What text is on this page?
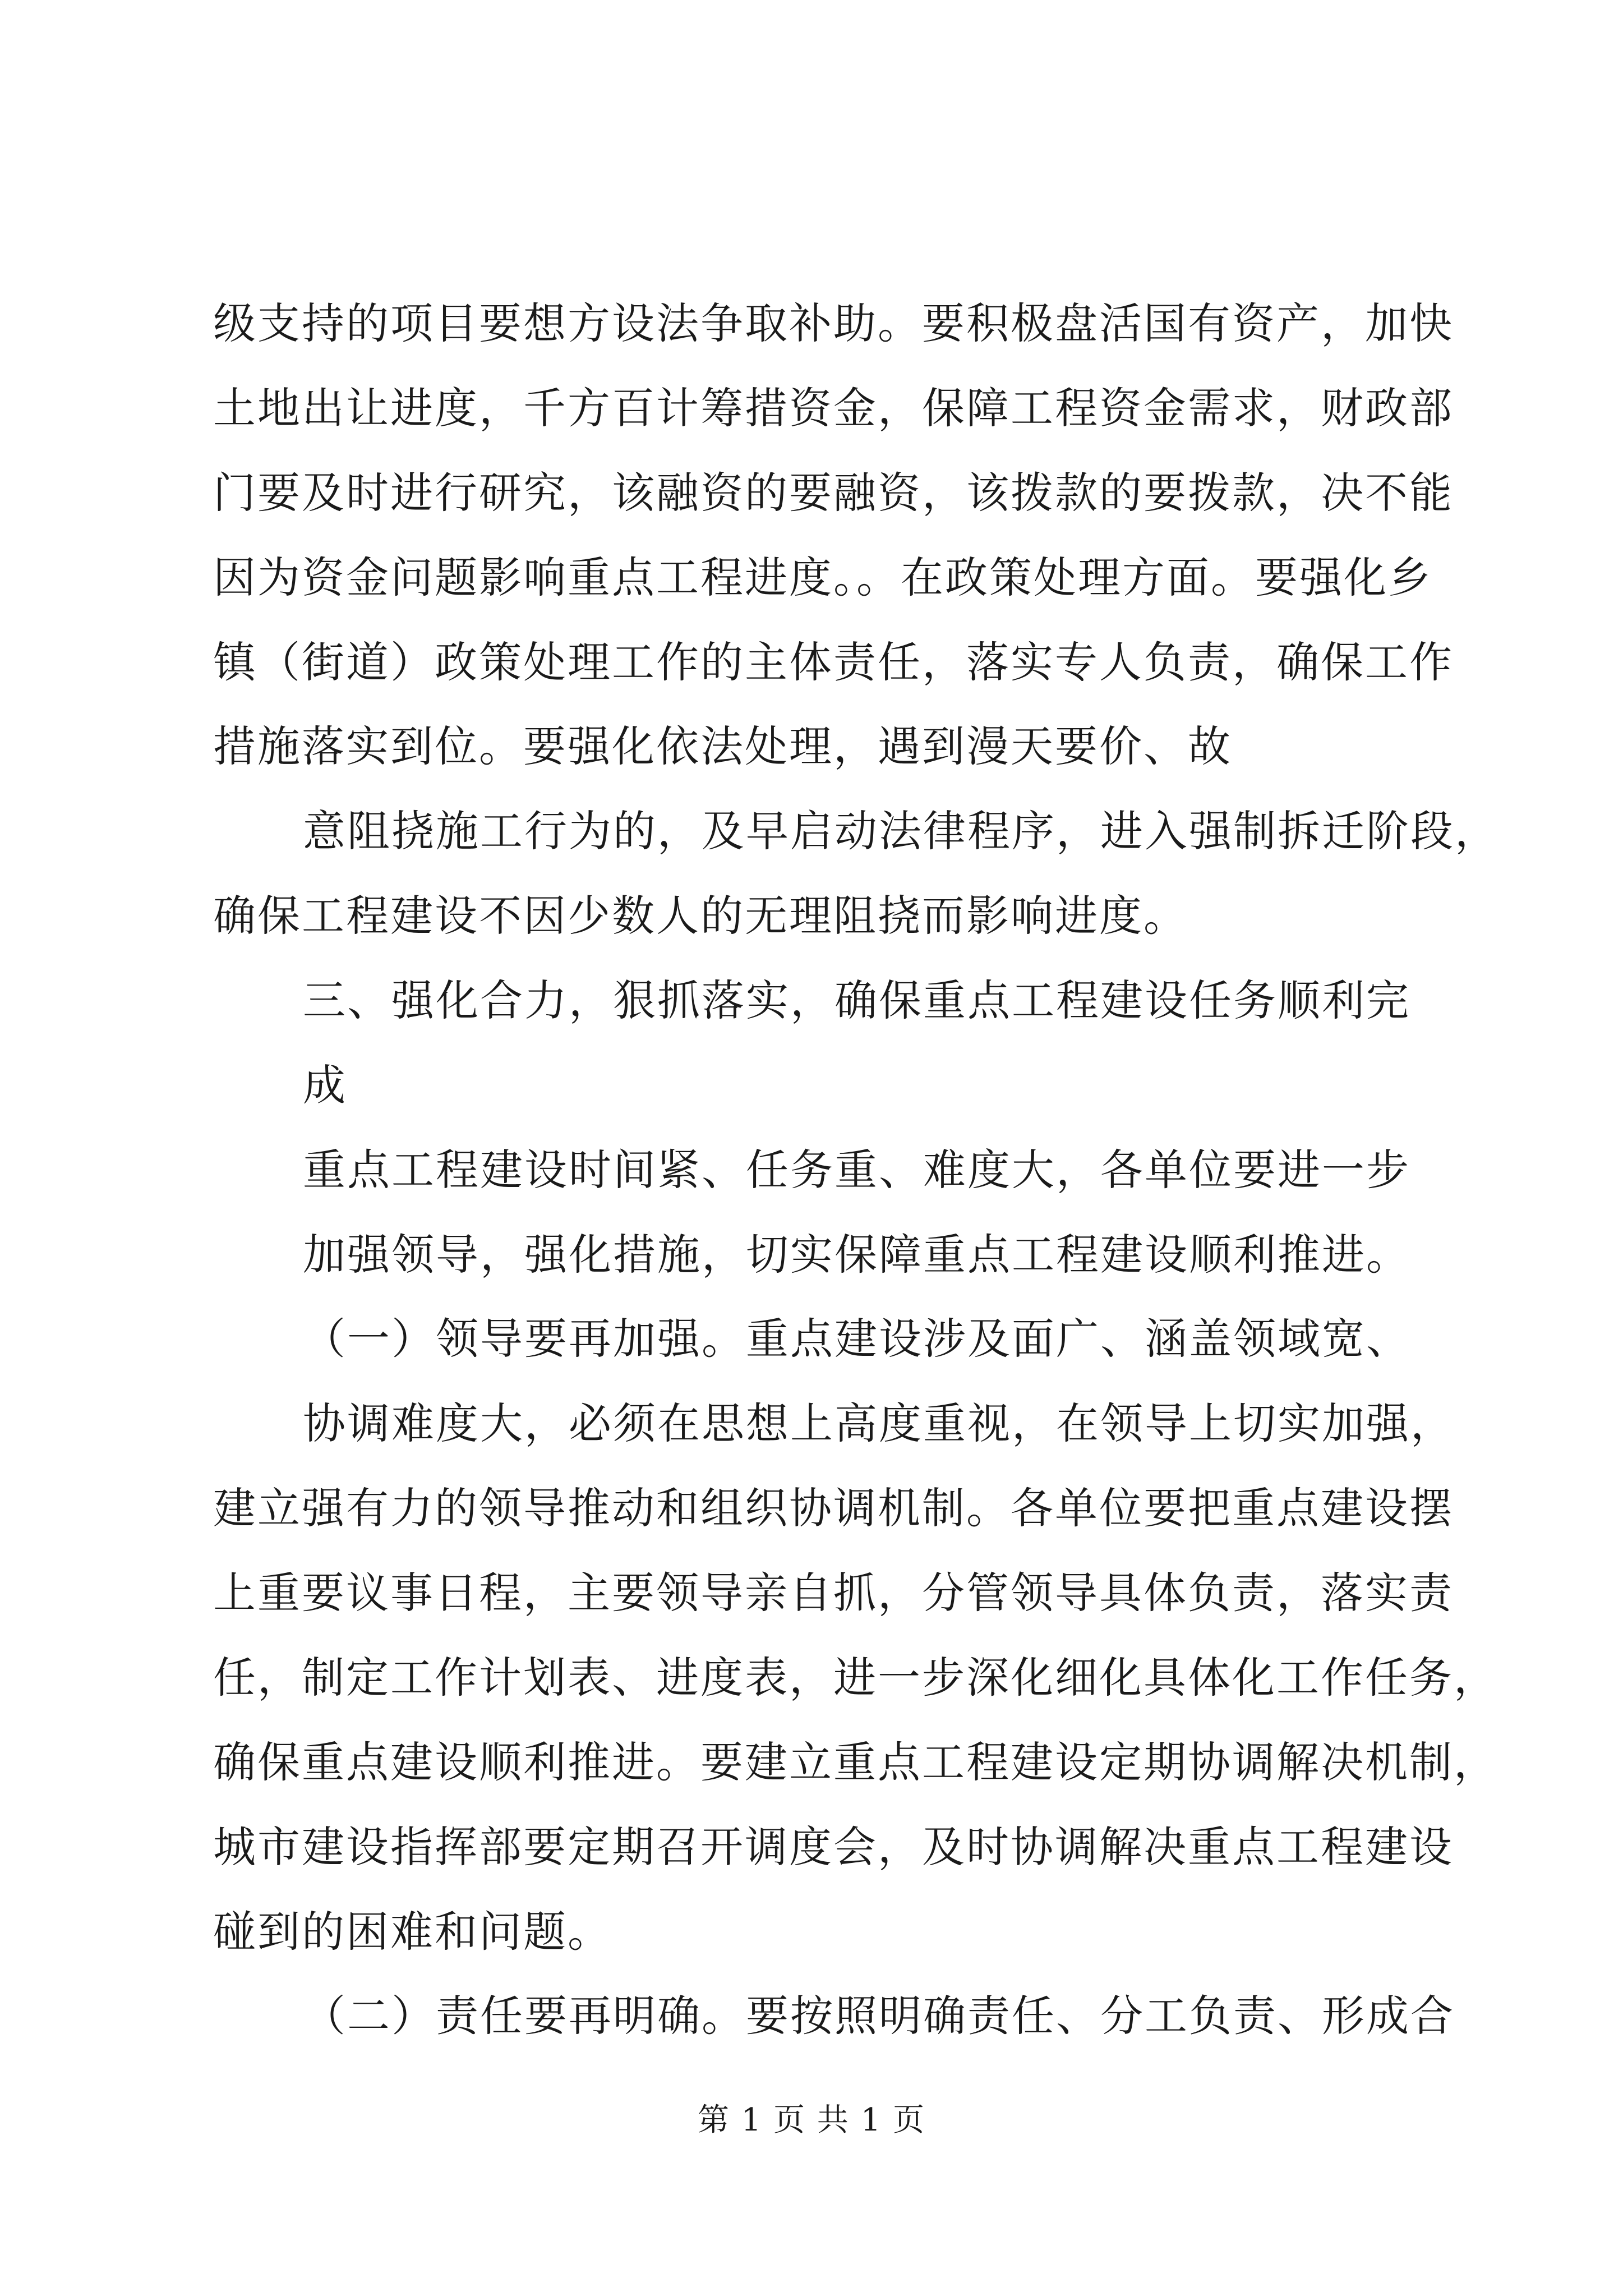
级支持的项目要想方设法争取补助。要积极盘活国有资产，加快
土地出让进度，千方百计筹措资金，保障工程资金需求，财政部
门要及时进行研究，该融资的要融资，该拨款的要拨款，决不能
因为资金问题影响重点工程进度。。在政策处理方面。要强化乡
镇（街道）政策处理工作的主体责任，落实专人负责，确保工作
措施落实到位。要强化依法处理，遇到漫天要价、故
意阻挠施工行为的，及早启动法律程序，进入强制拆迁阶段，
确保工程建设不因少数人的无理阻挠而影响进度。
三、强化合力，狠抓落实，确保重点工程建设任务顺利完
成
重点工程建设时间紧、任务重、难度大，各单位要进一步
加强领导，强化措施，切实保障重点工程建设顺利推进。
（一）领导要再加强。重点建设涉及面广、涵盖领域宽、
协调难度大，必须在思想上高度重视，在领导上切实加强，
建立强有力的领导推动和组织协调机制。各单位要把重点建设摆
上重要议事日程，主要领导亲自抓，分管领导具体负责，落实责
任，制定工作计划表、进度表，进一步深化细化具体化工作任务，
确保重点建设顺利推进。要建立重点工程建设定期协调解决机制，
城市建设指挥部要定期召开调度会，及时协调解决重点工程建设
碰到的困难和问题。
（二）责任要再明确。要按照明确责任、分工负责、形成合
第 1 页 共 1 页
